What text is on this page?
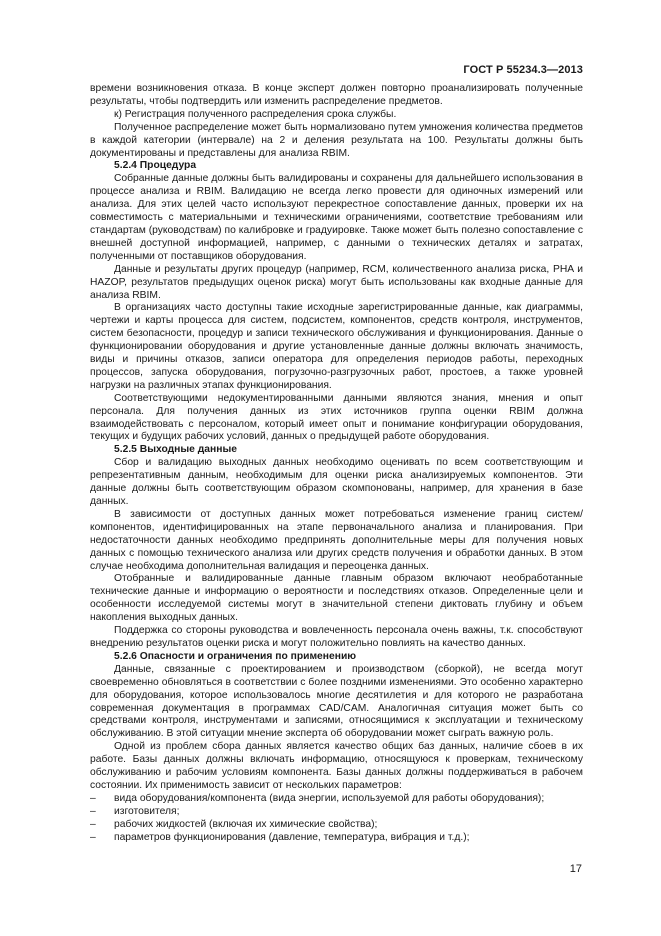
ГОСТ Р 55234.3—2013

времени возникновения отказа. В конце эксперт должен повторно проанализировать полученные результаты, чтобы подтвердить или изменить распределение предметов.

к) Регистрация полученного распределения срока службы.

Полученное распределение может быть нормализовано путем умножения количества предметов в каждой категории (интервале) на 2 и деления результата на 100. Результаты должны быть документированы и представлены для анализа RBIM.

5.2.4 Процедура

Собранные данные должны быть валидированы и сохранены для дальнейшего использования в процессе анализа и RBIM. Валидацию не всегда легко провести для одиночных измерений или анализа. Для этих целей часто используют перекрестное сопоставление данных, проверки их на совместимость с материальными и техническими ограничениями, соответствие требованиям или стандартам (руководствам) по калибровке и градуировке. Также может быть полезно сопоставление с внешней доступной информацией, например, с данными о технических деталях и затратах, полученными от поставщиков оборудования.

Данные и результаты других процедур (например, RCM, количественного анализа риска, PHA и HAZOP, результатов предыдущих оценок риска) могут быть использованы как входные данные для анализа RBIM.

В организациях часто доступны такие исходные зарегистрированные данные, как диаграммы, чертежи и карты процесса для систем, подсистем, компонентов, средств контроля, инструментов, систем безопасности, процедур и записи технического обслуживания и функционирования. Данные о функционировании оборудования и другие установленные данные должны включать значимость, виды и причины отказов, записи оператора для определения периодов работы, переходных процессов, запуска оборудования, погрузочно-разгрузочных работ, простоев, а также уровней нагрузки на различных этапах функционирования.

Соответствующими недокументированными данными являются знания, мнения и опыт персонала. Для получения данных из этих источников группа оценки RBIM должна взаимодействовать с персоналом, который имеет опыт и понимание конфигурации оборудования, текущих и будущих рабочих условий, данных о предыдущей работе оборудования.

5.2.5 Выходные данные

Сбор и валидацию выходных данных необходимо оценивать по всем соответствующим и репрезентативным данным, необходимым для оценки риска анализируемых компонентов. Эти данные должны быть соответствующим образом скомпонованы, например, для хранения в базе данных.

В зависимости от доступных данных может потребоваться изменение границ систем/компонентов, идентифицированных на этапе первоначального анализа и планирования. При недостаточности данных необходимо предпринять дополнительные меры для получения новых данных с помощью технического анализа или других средств получения и обработки данных. В этом случае необходима дополнительная валидация и переоценка данных.

Отобранные и валидированные данные главным образом включают необработанные технические данные и информацию о вероятности и последствиях отказов. Определенные цели и особенности исследуемой системы могут в значительной степени диктовать глубину и объем накопления выходных данных.

Поддержка со стороны руководства и вовлеченность персонала очень важны, т.к. способствуют внедрению результатов оценки риска и могут положительно повлиять на качество данных.

5.2.6 Опасности и ограничения по применению

Данные, связанные с проектированием и производством (сборкой), не всегда могут своевременно обновляться в соответствии с более поздними изменениями. Это особенно характерно для оборудования, которое использовалось многие десятилетия и для которого не разработана современная документация в программах CAD/CAM. Аналогичная ситуация может быть со средствами контроля, инструментами и записями, относящимися к эксплуатации и техническому обслуживанию. В этой ситуации мнение эксперта об оборудовании может сыграть важную роль.

Одной из проблем сбора данных является качество общих баз данных, наличие сбоев в их работе. Базы данных должны включать информацию, относящуюся к проверкам, техническому обслуживанию и рабочим условиям компонента. Базы данных должны поддерживаться в рабочем состоянии. Их применимость зависит от нескольких параметров:

– вида оборудования/компонента (вида энергии, используемой для работы оборудования);
– изготовителя;
– рабочих жидкостей (включая их химические свойства);
– параметров функционирования (давление, температура, вибрация и т.д.);
17
